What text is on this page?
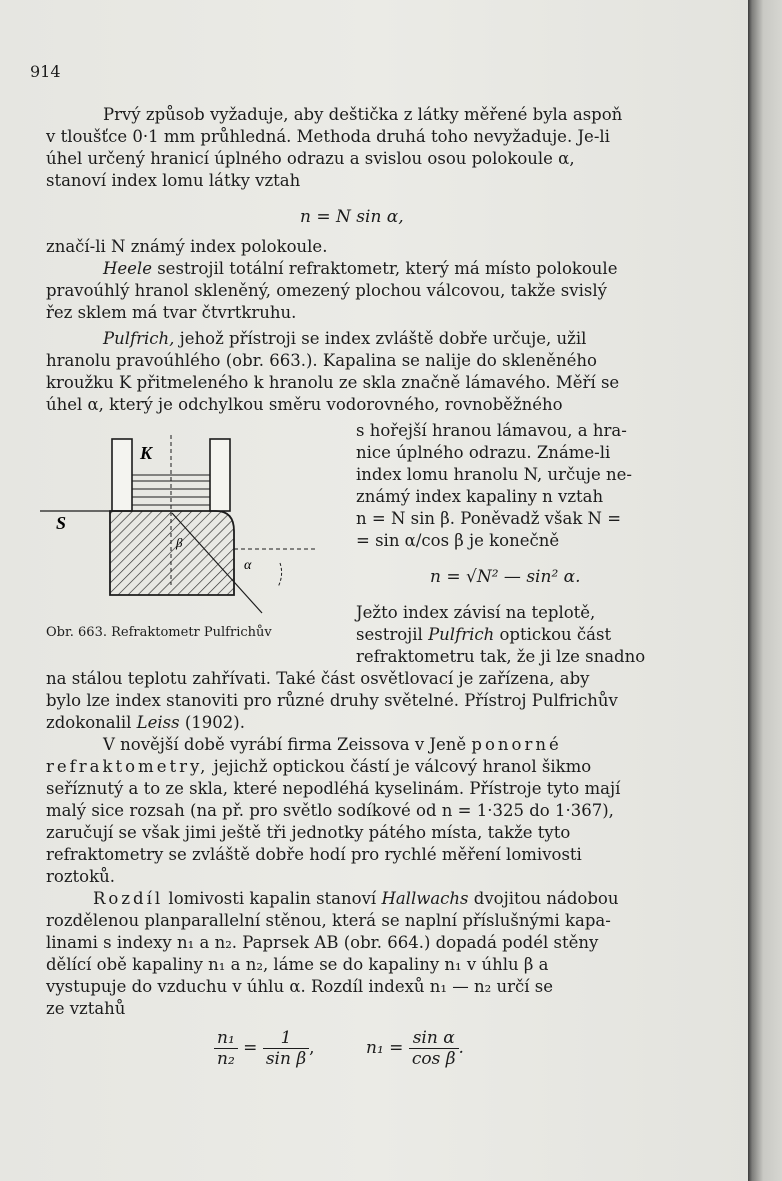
914
Prvý způsob vyžaduje, aby deštička z látky měřené byla aspoň
v tloušťce 0·1 mm průhledná. Methoda druhá toho nevyžaduje. Je-li
úhel určený hranicí úplného odrazu a svislou osou polokoule α,
stanoví index lomu látky vztah
n = N sin α,
značí-li N známý index polokoule.
Heele sestrojil totální refraktometr, který má místo polokoule
pravoúhlý hranol skleněný, omezený plochou válcovou, takže svislý
řez sklem má tvar čtvrtkruhu.
Pulfrich, jehož přístroji se index zvláště dobře určuje, užil
hranolu pravoúhlého (obr. 663.). Kapalina se nalije do skleněného
kroužku K přitmeleného k hranolu ze skla značně lámavého. Měří se
úhel α, který je odchylkou směru vodorovného, rovnoběžného
s hořejší hranou lámavou, a hra-
nice úplného odrazu. Známe-li
index lomu hranolu N, určuje ne-
známý index kapaliny n vztah
n = N sin β. Poněvadž však N =
= sin α/cos β je konečně
n = √N² — sin² α.
Ježto index závisí na teplotě,
sestrojil Pulfrich optickou část
refraktometru tak, že ji lze snadno
K
S
α
β
Obr. 663. Refraktometr Pulfrichův
na stálou teplotu zahřívati. Také část osvětlovací je zařízena, aby
bylo lze index stanoviti pro různé druhy světelné. Přístroj Pulfrichův
zdokonalil Leiss (1902).
V novější době vyrábí firma Zeissova v Jeně ponorné
refraktometry, jejichž optickou částí je válcový hranol šikmo
seříznutý a to ze skla, které nepodléhá kyselinám. Přístroje tyto mají
malý sice rozsah (na př. pro světlo sodíkové od n = 1·325 do 1·367),
zaručují se však jimi ještě tři jednotky pátého místa, takže tyto
refraktometry se zvláště dobře hodí pro rychlé měření lomivosti
roztoků.
Rozdíl lomivosti kapalin stanoví Hallwachs dvojitou nádobou
rozdělenou planparallelní stěnou, která se naplní příslušnými kapa-
linami s indexy n₁ a n₂. Paprsek AB (obr. 664.) dopadá podél stěny
dělící obě kapaliny n₁ a n₂, láme se do kapaliny n₁ v úhlu β a
vystupuje do vzduchu v úhlu α. Rozdíl indexů n₁ — n₂ určí se
ze vztahů
$\frac{\text{n₁}}{\text{n₂}} = \frac{1}{\text{sin β}}$ ,	$n_1 = \frac{\text{sin α}}{\text{cos β}}$ .
